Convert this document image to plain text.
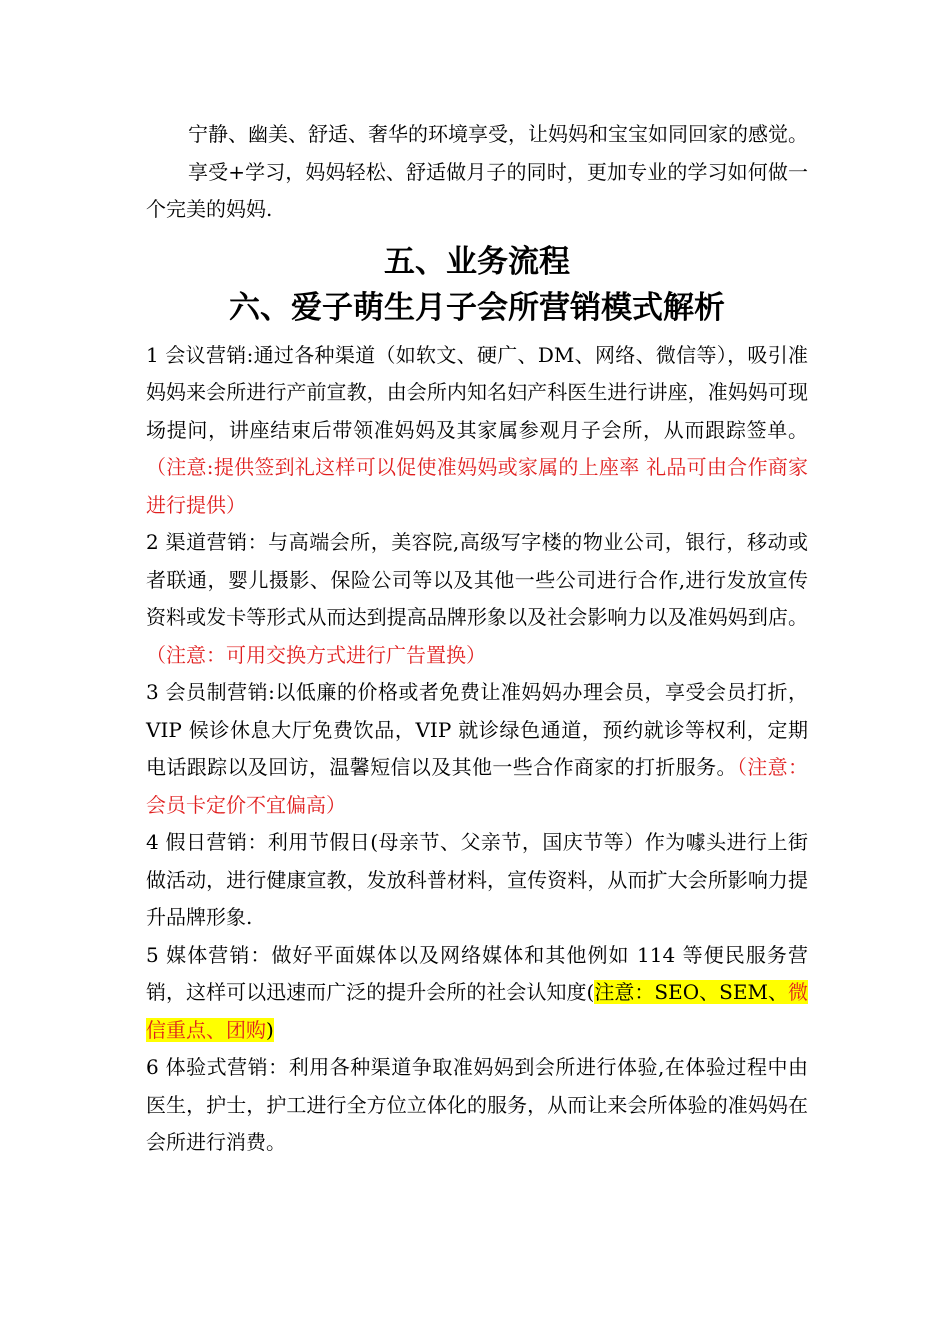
宁静、幽美、舒适、奢华的环境享受，让妈妈和宝宝如同回家的感觉。

享受+学习，妈妈轻松、舒适做月子的同时，更加专业的学习如何做一个完美的妈妈.

五、业务流程
六、爱子萌生月子会所营销模式解析

1 会议营销:通过各种渠道（如软文、硬广、DM、网络、微信等），吸引准妈妈来会所进行产前宣教，由会所内知名妇产科医生进行讲座，准妈妈可现场提问，讲座结束后带领准妈妈及其家属参观月子会所，从而跟踪签单。（注意:提供签到礼这样可以促使准妈妈或家属的上座率 礼品可由合作商家进行提供）

2 渠道营销：与高端会所，美容院,高级写字楼的物业公司，银行，移动或者联通，婴儿摄影、保险公司等以及其他一些公司进行合作,进行发放宣传资料或发卡等形式从而达到提高品牌形象以及社会影响力以及准妈妈到店。（注意：可用交换方式进行广告置换）

3 会员制营销:以低廉的价格或者免费让准妈妈办理会员，享受会员打折，VIP 候诊休息大厅免费饮品，VIP 就诊绿色通道，预约就诊等权利，定期电话跟踪以及回访，温馨短信以及其他一些合作商家的打折服务。（注意：会员卡定价不宜偏高）

4 假日营销：利用节假日(母亲节、父亲节，国庆节等）作为噱头进行上街做活动，进行健康宣教，发放科普材料，宣传资料，从而扩大会所影响力提升品牌形象.

5 媒体营销：做好平面媒体以及网络媒体和其他例如 114 等便民服务营销，这样可以迅速而广泛的提升会所的社会认知度(注意：SEO、SEM、微信重点、团购)

6 体验式营销：利用各种渠道争取准妈妈到会所进行体验,在体验过程中由医生，护士，护工进行全方位立体化的服务，从而让来会所体验的准妈妈在会所进行消费。
